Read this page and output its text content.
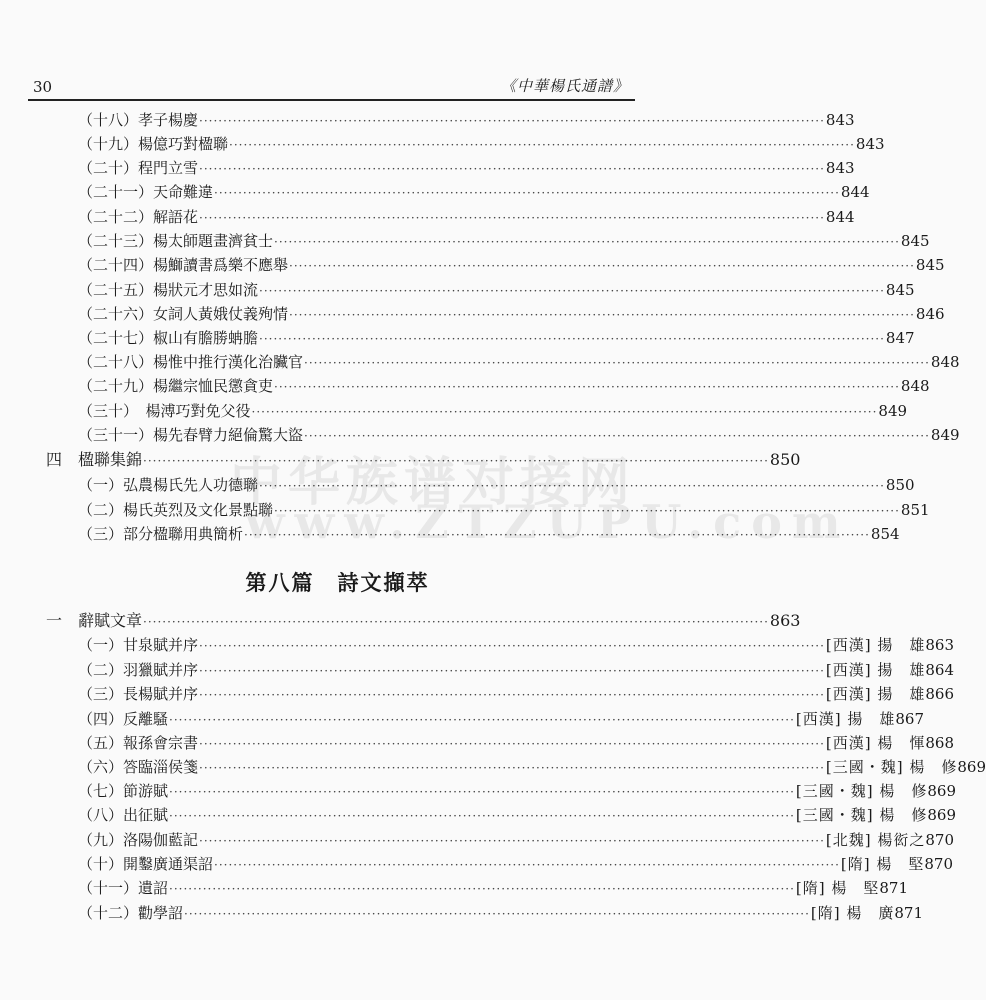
30	《中華楊氏通譜》
中华族谱对接网
www.ZTZUPU.com
（十八）孝子楊慶 ·····	843
（十九）楊億巧對楹聯 ·····	843
（二十）程門立雪 ·····	843
（二十一）天命難違 ·····	844
（二十二）解語花 ·····	844
（二十三）楊太師題畫濟貧士 ·····	845
（二十四）楊鰤讀書爲樂不應舉 ·····	845
（二十五）楊狀元才思如流 ·····	845
（二十六）女詞人黃娥仗義殉情 ·····	846
（二十七）椒山有膽勝蚺膽 ·····	847
（二十八）楊惟中推行漢化治臟官 ·····	848
（二十九）楊繼宗恤民懲貪吏 ·····	848
（三十）　楊溥巧對免父役 ·····	849
（三十一）楊先春臂力絕倫驚大盜 ·····	849
四　楹聯集錦 ·····	850
（一）弘農楊氏先人功德聯 ·····	850
（二）楊氏英烈及文化景點聯 ·····	851
（三）部分楹聯用典簡析 ·····	854
第八篇　詩文擷萃
一　辭賦文章 ·····	863
（一）甘泉賦并序 ·····	[西漢] 揚　雄 863
（二）羽獵賦并序 ·····	[西漢] 揚　雄 864
（三）長楊賦并序 ·····	[西漢] 揚　雄 866
（四）反離騷 ·····	[西漢] 揚　雄 867
（五）報孫會宗書 ·····	[西漢] 楊　惲 868
（六）答臨淄侯箋 ·····	[三國・魏] 楊　修 869
（七）節游賦 ·····	[三國・魏] 楊　修 869
（八）出征賦 ·····	[三國・魏] 楊　修 869
（九）洛陽伽藍記 ·····	[北魏] 楊衒之 870
（十）開鑿廣通渠詔 ·····	[隋] 楊　堅 870
（十一）遺詔 ·····	[隋] 楊　堅 871
（十二）勸學詔 ·····	[隋] 楊　廣 871
